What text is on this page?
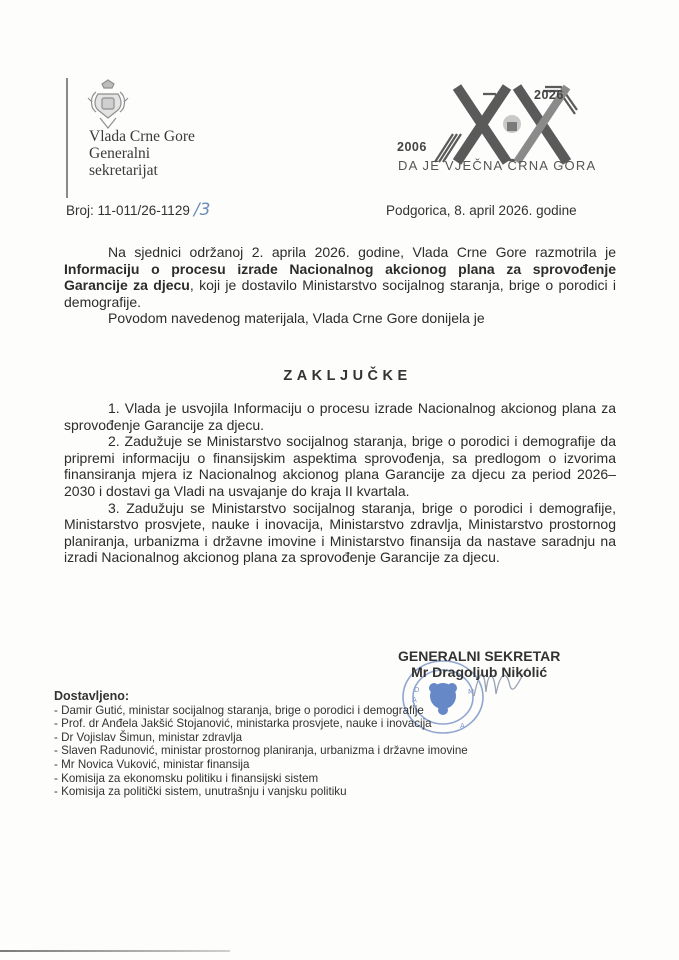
Vlada Crne Gore
Generalni
sekretarijat
2026
2006
DA JE VJEČNA CRNA GORA
Broj: 11-011/26-1129 /3	Podgorica, 8. april 2026. godine

Na sjednici održanoj 2. aprila 2026. godine, Vlada Crne Gore razmotrila je Informaciju o procesu izrade Nacionalnog akcionog plana za sprovođenje Garancije za djecu, koji je dostavilo Ministarstvo socijalnog staranja, brige o porodici i demografije.

Povodom navedenog materijala, Vlada Crne Gore donijela je

ZAKLJUČKE

1. Vlada je usvojila Informaciju o procesu izrade Nacionalnog akcionog plana za sprovođenje Garancije za djecu.

2. Zadužuje se Ministarstvo socijalnog staranja, brige o porodici i demografije da pripremi informaciju o finansijskim aspektima sprovođenja, sa predlogom o izvorima finansiranja mjera iz Nacionalnog akcionog plana Garancije za djecu za period 2026–2030 i dostavi ga Vladi na usvajanje do kraja II kvartala.

3. Zadužuju se Ministarstvo socijalnog staranja, brige o porodici i demografije, Ministarstvo prosvjete, nauke i inovacija, Ministarstvo zdravlja, Ministarstvo prostornog planiranja, urbanizma i državne imovine i Ministarstvo finansija da nastave saradnju na izradi Nacionalnog akcionog plana za sprovođenje Garancije za djecu.

A
D	M
A
GENERALNI SEKRETAR
Mr Dragoljub Nikolić
Dostavljeno:
- Damir Gutić, ministar socijalnog staranja, brige o porodici i demografije
- Prof. dr Anđela Jakšić Stojanović, ministarka prosvjete, nauke i inovacija
- Dr Vojislav Šimun, ministar zdravlja
- Slaven Radunović, ministar prostornog planiranja, urbanizma i državne imovine
- Mr Novica Vuković, ministar finansija
- Komisija za ekonomsku politiku i finansijski sistem
- Komisija za politički sistem, unutrašnju i vanjsku politiku
